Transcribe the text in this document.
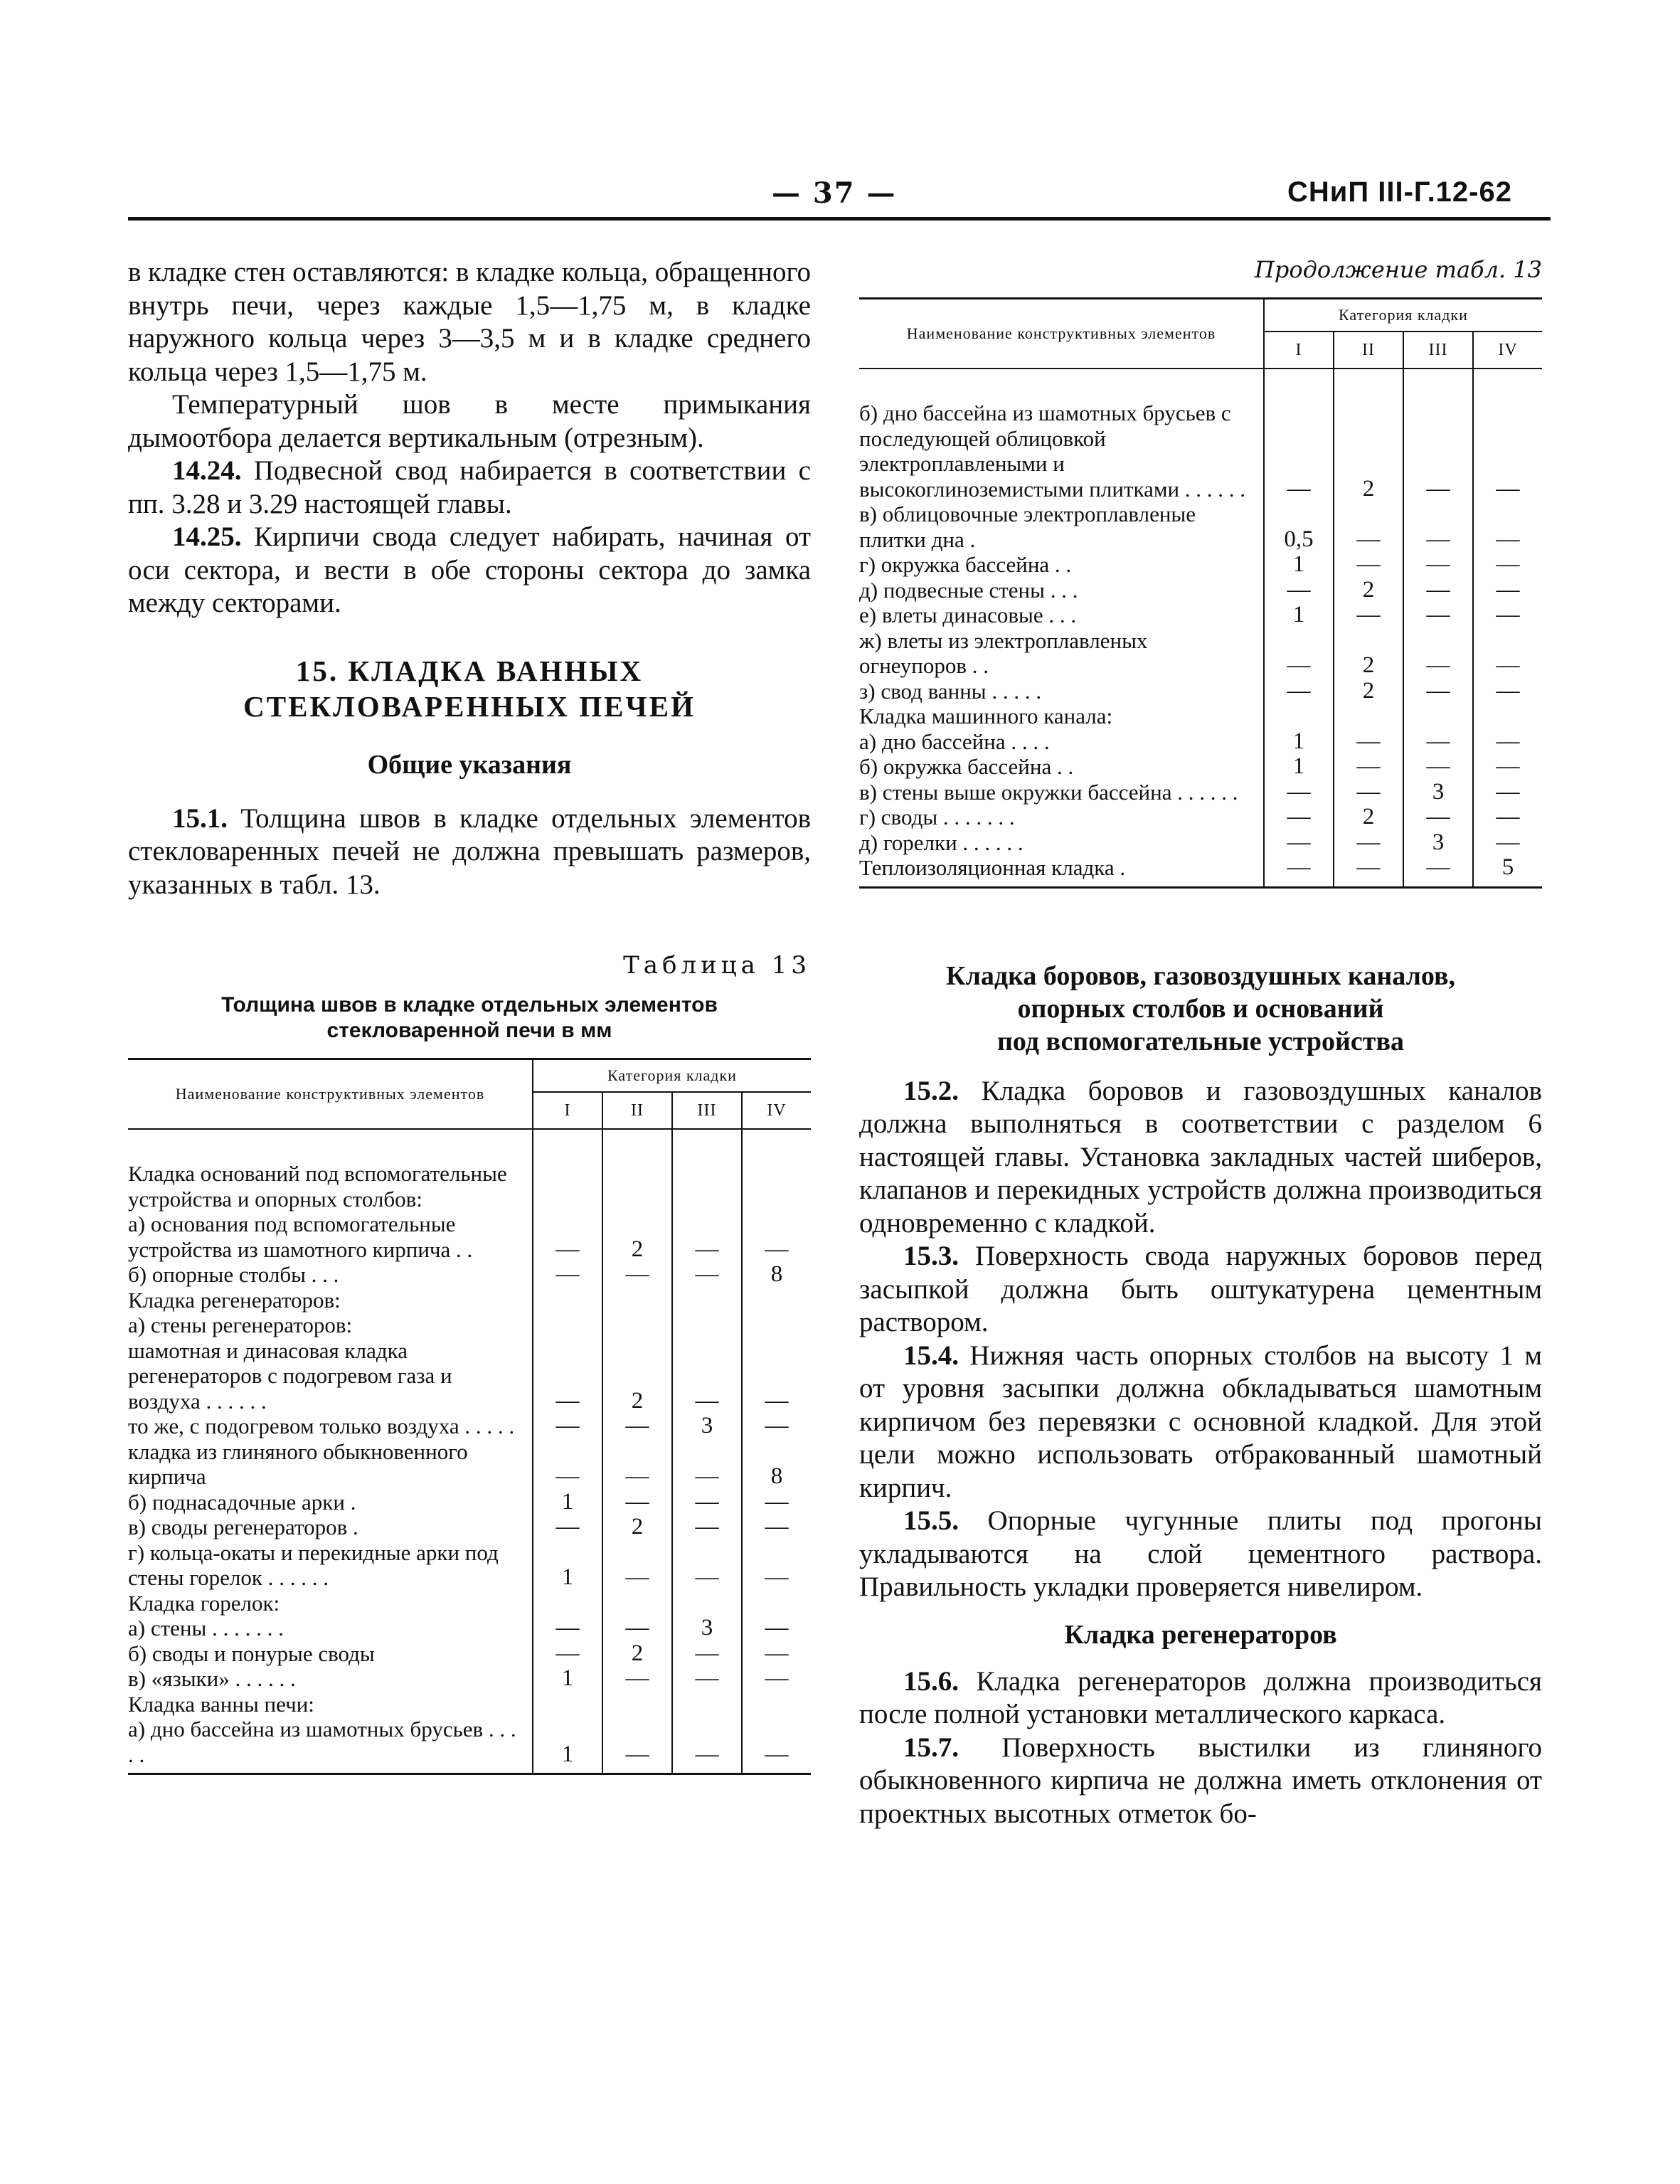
— 37 —	СНиП III-Г.12-62

в кладке стен оставляются: в кладке кольца, обращенного внутрь печи, через каждые 1,5—1,75 м, в кладке наружного кольца через 3—3,5 м и в кладке среднего кольца через 1,5—1,75 м.

Температурный шов в месте примыкания дымоотбора делается вертикальным (отрезным).

14.24. Подвесной свод набирается в соответствии с пп. 3.28 и 3.29 настоящей главы.

14.25. Кирпичи свода следует набирать, начиная от оси сектора, и вести в обе стороны сектора до замка между секторами.

15. КЛАДКА ВАННЫХ

СТЕКЛОВАРЕННЫХ ПЕЧЕЙ

Общие указания

15.1. Толщина швов в кладке отдельных элементов стекловаренных печей не должна превышать размеров, указанных в табл. 13.

Таблица 13

Толщина швов в кладке отдельных элементов

стекловаренной печи в мм

Наименование конструктивных элементов	Категория кладки			
	I	II	III	IV

Кладка оснований под вспомогательные устройства и опорных столбов:				
а) основания под вспомогательные устройства из шамотного кирпича . .	—	2	—	—
б) опорные столбы . . .	—	—	—	8
Кладка регенераторов:				
а) стены регенераторов:				
шамотная и динасовая кладка регенераторов с подогревом газа и воздуха . . . . . .	—	2	—	—
то же, с подогревом только воздуха . . . . .	—	—	3	—
кладка из глиняного обыкновенного кирпича	—	—	—	8
б) поднасадочные арки .	1	—	—	—
в) своды регенераторов .	—	2	—	—
г) кольца-окаты и перекидные арки под стены горелок . . . . . .	1	—	—	—
Кладка горелок:				
а) стены . . . . . . .	—	—	3	—
б) своды и понурые своды	—	2	—	—
в) «языки» . . . . . .	1	—	—	—
Кладка ванны печи:				
а) дно бассейна из шамотных брусьев . . . . .	1	—	—	—

Продолжение табл. 13

Наименование конструктивных элементов	Категория кладки			
	I	II	III	IV

б) дно бассейна из шамотных брусьев с последующей облицовкой электроплавлеными и высокоглиноземистыми плитками . . . . . .	—	2	—	—
в) облицовочные электроплавленые плитки дна .	0,5	—	—	—
г) окружка бассейна . .	1	—	—	—
д) подвесные стены . . .	—	2	—	—
е) влеты динасовые . . .	1	—	—	—
ж) влеты из электроплавленых огнеупоров . .	—	2	—	—
з) свод ванны . . . . .	—	2	—	—
Кладка машинного канала:				
а) дно бассейна . . . .	1	—	—	—
б) окружка бассейна . .	1	—	—	—
в) стены выше окружки бассейна . . . . . .	—	—	3	—
г) своды . . . . . . .	—	2	—	—
д) горелки . . . . . .	—	—	3	—
Теплоизоляционная кладка .	—	—	—	5

Кладка боровов, газовоздушных каналов,

опорных столбов и оснований

под вспомогательные устройства

15.2. Кладка боровов и газовоздушных каналов должна выполняться в соответствии с разделом 6 настоящей главы. Установка закладных частей шиберов, клапанов и перекидных устройств должна производиться одновременно с кладкой.

15.3. Поверхность свода наружных боровов перед засыпкой должна быть оштукатурена цементным раствором.

15.4. Нижняя часть опорных столбов на высоту 1 м от уровня засыпки должна обкладываться шамотным кирпичом без перевязки с основной кладкой. Для этой цели можно использовать отбракованный шамотный кирпич.

15.5. Опорные чугунные плиты под прогоны укладываются на слой цементного раствора. Правильность укладки проверяется нивелиром.

Кладка регенераторов

15.6. Кладка регенераторов должна производиться после полной установки металлического каркаса.

15.7. Поверхность выстилки из глиняного обыкновенного кирпича не должна иметь отклонения от проектных высотных отметок бо-
